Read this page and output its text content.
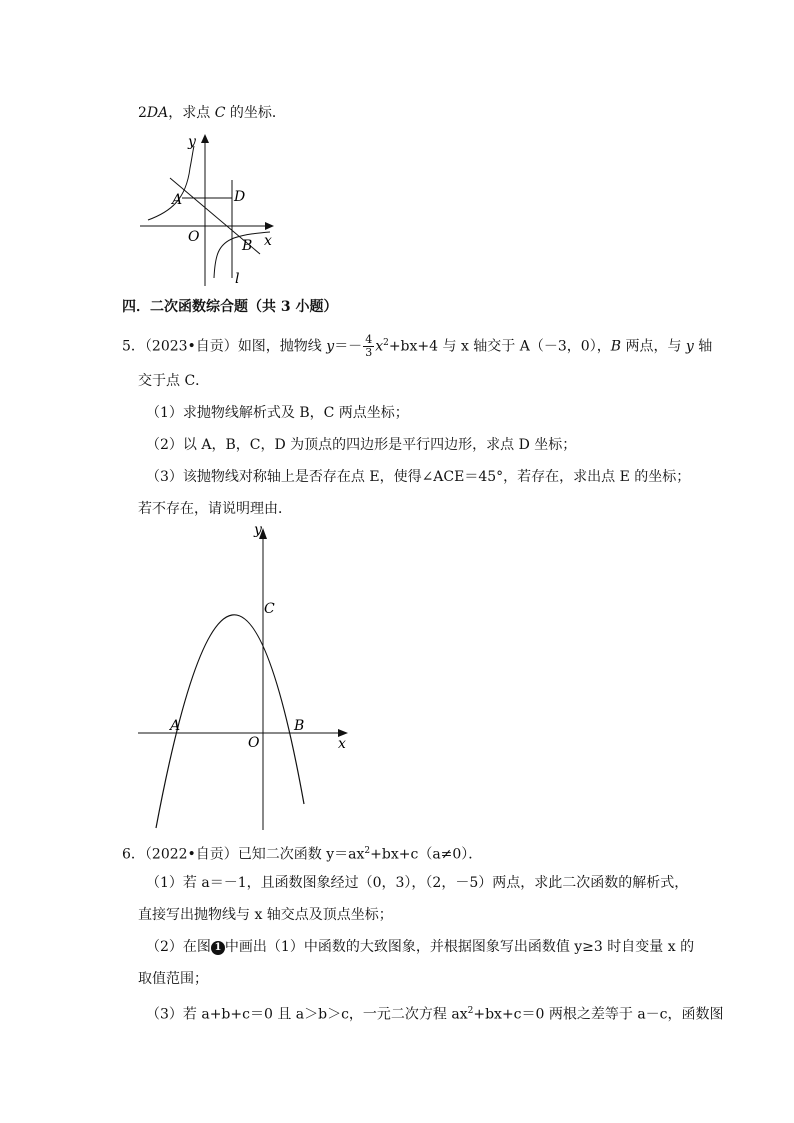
2DA，求点 C 的坐标．
y
x
O
A	D
B
l
四．二次函数综合题（共 3 小题）
5．（2023•自贡）如图，抛物线 $y=- \frac{4}{3} x^2+bx+4$ 与 x 轴交于 A（－3，0），B 两点，与 y 轴
交于点 C．
（1）求抛物线解析式及 B，C 两点坐标；
（2）以 A，B，C，D 为顶点的四边形是平行四边形，求点 D 坐标；
（3）该抛物线对称轴上是否存在点 E，使得∠ACE＝45°，若存在，求出点 E 的坐标；
若不存在，请说明理由．
y
x
O
A	B
C
6．（2022•自贡）已知二次函数 $y=ax^2+bx+c(a\ne 0)$．
（1）若 a＝－1，且函数图象经过（0，3），（2，－5）两点，求此二次函数的解析式，
直接写出抛物线与 x 轴交点及顶点坐标；
（2）在图 1 中画出（1）中函数的大致图象，并根据图象写出函数值 y≥3 时自变量 x 的
取值范围；
（3）若 a+b+c＝0 且 a＞b＞c，一元二次方程 $ax^2+bx+c=0$ 两根之差等于 a－c，函数图
